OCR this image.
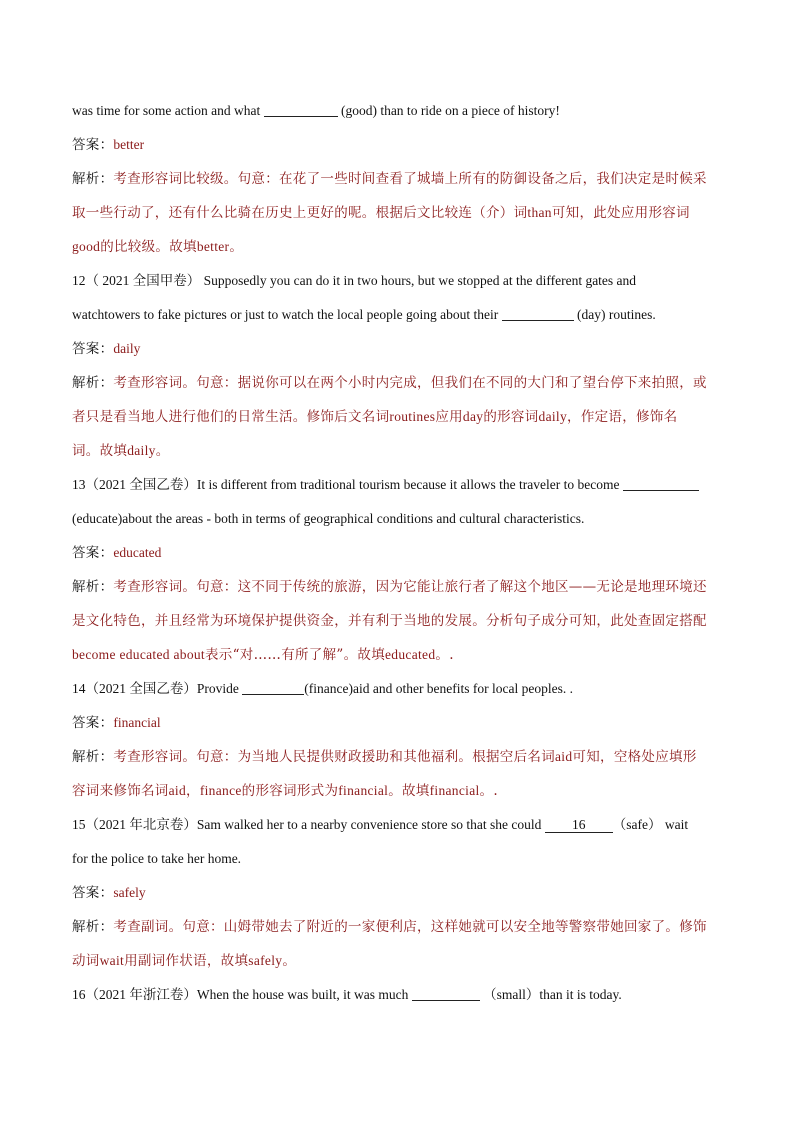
was time for some action and what	(good) than to ride on a piece of history!
答案：better
解析：考查形容词比较级。句意：在花了一些时间查看了城墙上所有的防御设备之后，我们决定是时候采
取一些行动了，还有什么比骑在历史上更好的呢。根据后文比较连（介）词than可知，此处应用形容词
good的比较级。故填better。
12（ 2021 全国甲卷） Supposedly you can do it in two hours, but we stopped at the different gates and
watchtowers to fake pictures or just to watch the local people going about their	(day) routines.
答案：daily
解析：考查形容词。句意：据说你可以在两个小时内完成，但我们在不同的大门和了望台停下来拍照，或
者只是看当地人进行他们的日常生活。修饰后文名词routines应用day的形容词daily，作定语，修饰名
词。故填daily。
13（2021 全国乙卷）It is different from traditional tourism because it allows the traveler to become
(educate)about the areas - both in terms of geographical conditions and cultural characteristics.
答案：educated
解析：考查形容词。句意：这不同于传统的旅游，因为它能让旅行者了解这个地区——无论是地理环境还
是文化特色，并且经常为环境保护提供资金，并有利于当地的发展。分析句子成分可知，此处查固定搭配
become educated about表示“对……有所了解”。故填educated。.
14（2021 全国乙卷）Provide	(finance)aid and other benefits for local peoples. .
答案：financial
解析：考查形容词。句意：为当地人民提供财政援助和其他福利。根据空后名词aid可知，空格处应填形
容词来修饰名词aid，finance的形容词形式为financial。故填financial。.
15（2021 年北京卷）Sam walked her to a nearby convenience store so that she could 16 （safe） wait
for the police to take her home.
答案：safely
解析：考查副词。句意：山姆带她去了附近的一家便利店，这样她就可以安全地等警察带她回家了。修饰
动词wait用副词作状语，故填safely。
16（2021 年浙江卷）When the house was built, it was much	（small）than it is today.
